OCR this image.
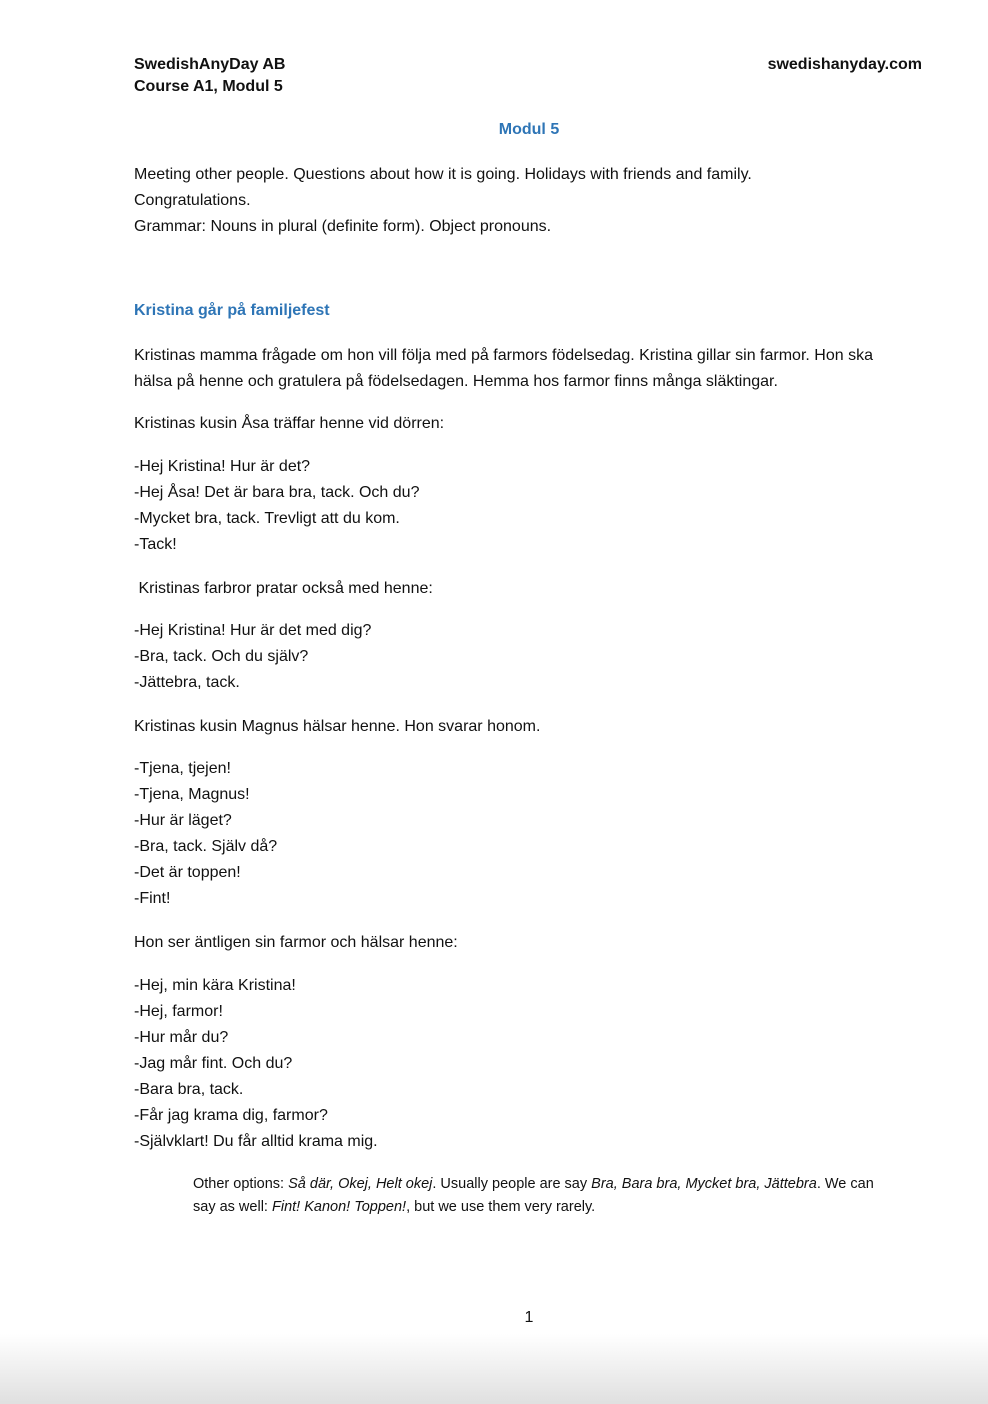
SwedishAnyDay AB
Course A1, Modul 5
swedishanyday.com
Modul 5
Meeting other people. Questions about how it is going. Holidays with friends and family.
Congratulations.
Grammar: Nouns in plural (definite form). Object pronouns.
Kristina går på familjefest
Kristinas mamma frågade om hon vill följa med på farmors födelsedag. Kristina gillar sin farmor. Hon ska
hälsa på henne och gratulera på födelsedagen. Hemma hos farmor finns många släktingar.
Kristinas kusin Åsa träffar henne vid dörren:
-Hej Kristina! Hur är det?
-Hej Åsa! Det är bara bra, tack. Och du?
-Mycket bra, tack. Trevligt att du kom.
-Tack!
Kristinas farbror pratar också med henne:
-Hej Kristina! Hur är det med dig?
-Bra, tack. Och du själv?
-Jättebra, tack.
Kristinas kusin Magnus hälsar henne. Hon svarar honom.
-Tjena, tjejen!
-Tjena, Magnus!
-Hur är läget?
-Bra, tack. Själv då?
-Det är toppen!
-Fint!
Hon ser äntligen sin farmor och hälsar henne:
-Hej, min kära Kristina!
-Hej, farmor!
-Hur mår du?
-Jag mår fint. Och du?
-Bara bra, tack.
-Får jag krama dig, farmor?
-Självklart! Du får alltid krama mig.
Other options: Så där, Okej, Helt okej. Usually people are say Bra, Bara bra, Mycket bra, Jättebra. We can
say as well: Fint! Kanon! Toppen!, but we use them very rarely.
1
